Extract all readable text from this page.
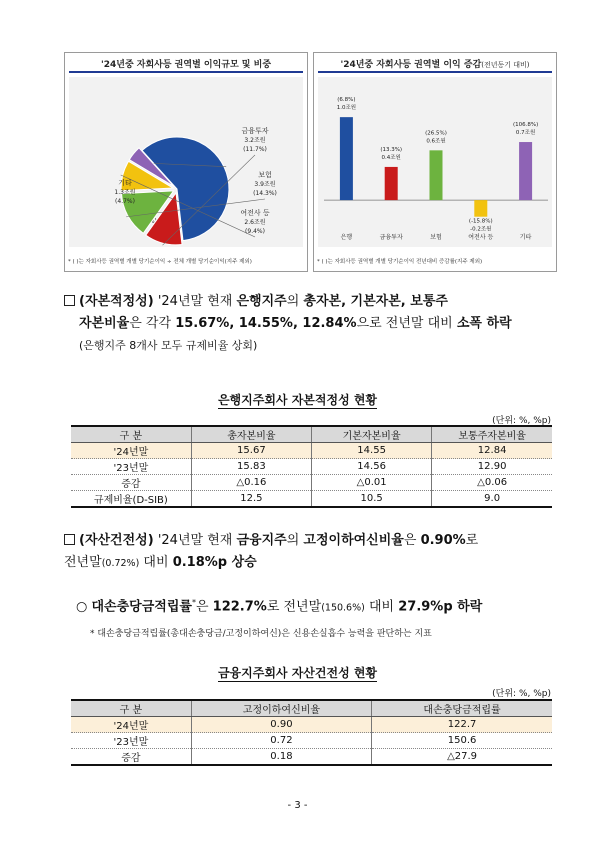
'24년중 자회사등 권역별 이익규모 및 비중
금융투자
3.2조원
(11.7%)
보험
3.9조원
(14.3%)
여전사 등
2.6조원
(9.4%)
기타
1.3조원
(4.7%)
* ( )는 자회사등 권역별 개별 당기순이익 ÷ 전체 개별 당기순이익(지주 제외)
'24년중 자회사등 권역별 이익 증감(전년동기 대비)
(6.8%)
1.0조원
은행
(13.3%)
0.4조원
금융투자
(26.5%)
0.6조원
보험
(-15.8%)
-0.2조원
여전사 등
(106.8%)
0.7조원
기타
* ( )는 자회사등 권역별 개별 당기순이익 전년대비 증감률(지주 제외)
(자본적정성) '24년말 현재 은행지주의 총자본, 기본자본, 보통주
자본비율은 각각 15.67%, 14.55%, 12.84%으로 전년말 대비 소폭 하락
(은행지주 8개사 모두 규제비율 상회)
은행지주회사 자본적정성 현황
(단위: %, %p)
구 분	총자본비율	기본자본비율	보통주자본비율
'24년말	15.67	14.55	12.84
'23년말	15.83	14.56	12.90
증감	△0.16	△0.01	△0.06
규제비율(D-SIB)	12.5	10.5	9.0
(자산건전성) '24년말 현재 금융지주의 고정이하여신비율은 0.90%로
전년말(0.72%) 대비 0.18%p 상승
○ 대손충당금적립률*은 122.7%로 전년말(150.6%) 대비 27.9%p 하락
* 대손충당금적립률(총대손충당금/고정이하여신)은 신용손실흡수 능력을 판단하는 지표
금융지주회사 자산건전성 현황
(단위: %, %p)
구 분	고정이하여신비율	대손충당금적립률
'24년말	0.90	122.7
'23년말	0.72	150.6
증감	0.18	△27.9
- 3 -
